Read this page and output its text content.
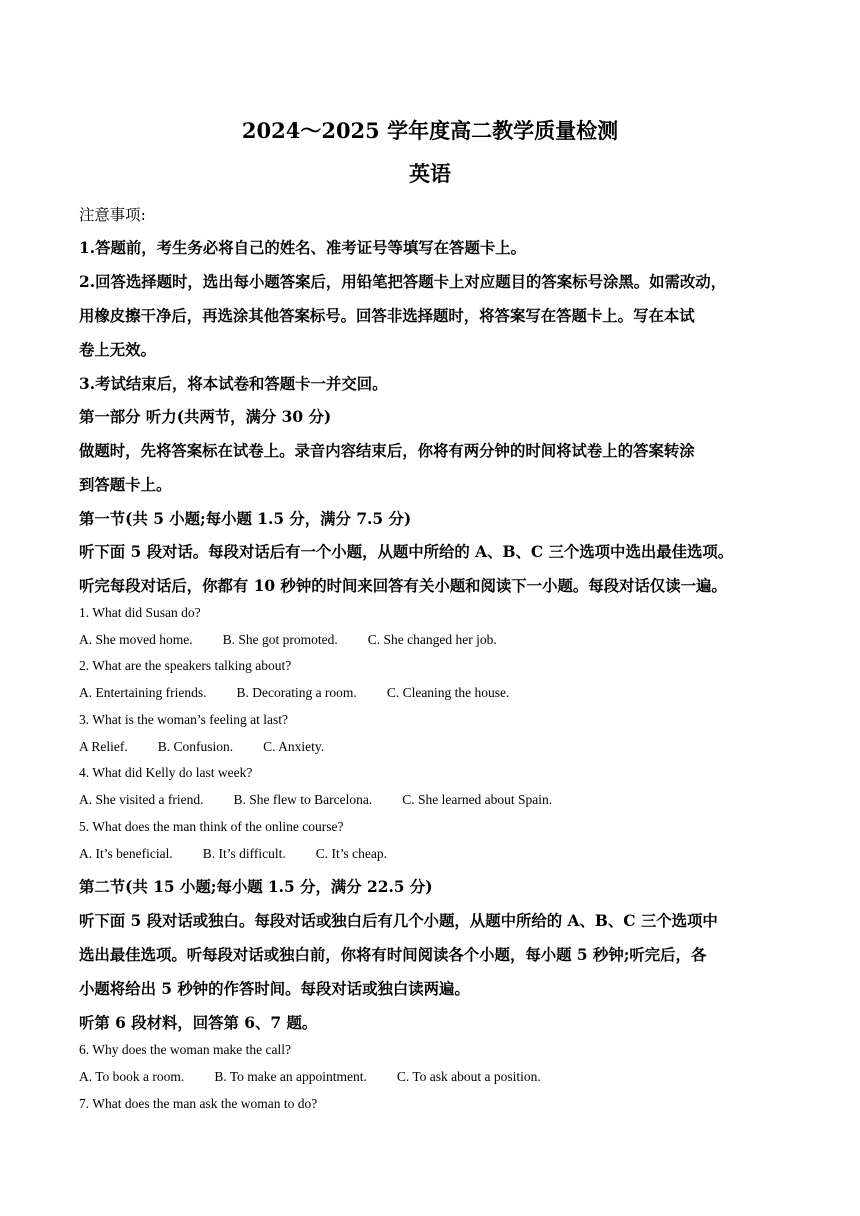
2024～2025 学年度高二教学质量检测
英语
注意事项:
1.答题前，考生务必将自己的姓名、准考证号等填写在答题卡上。
2.回答选择题时，选出每小题答案后，用铅笔把答题卡上对应题目的答案标号涂黑。如需改动，
用橡皮擦干净后，再选涂其他答案标号。回答非选择题时，将答案写在答题卡上。写在本试
卷上无效。
3.考试结束后，将本试卷和答题卡一并交回。
第一部分 听力(共两节，满分 30 分)
做题时，先将答案标在试卷上。录音内容结束后，你将有两分钟的时间将试卷上的答案转涂
到答题卡上。
第一节(共 5 小题;每小题 1.5 分，满分 7.5 分)
听下面 5 段对话。每段对话后有一个小题，从题中所给的 A、B、C 三个选项中选出最佳选项。
听完每段对话后，你都有 10 秒钟的时间来回答有关小题和阅读下一小题。每段对话仅读一遍。
1. What did Susan do?
A. She moved home. B. She got promoted. C. She changed her job.
2. What are the speakers talking about?
A. Entertaining friends. B. Decorating a room. C. Cleaning the house.
3. What is the woman’s feeling at last?
A Relief. B. Confusion. C. Anxiety.
4. What did Kelly do last week?
A. She visited a friend. B. She flew to Barcelona. C. She learned about Spain.
5. What does the man think of the online course?
A. It’s beneficial. B. It’s difficult. C. It’s cheap.
第二节(共 15 小题;每小题 1.5 分，满分 22.5 分)
听下面 5 段对话或独白。每段对话或独白后有几个小题，从题中所给的 A、B、C 三个选项中
选出最佳选项。听每段对话或独白前，你将有时间阅读各个小题，每小题 5 秒钟;听完后，各
小题将给出 5 秒钟的作答时间。每段对话或独白读两遍。
听第 6 段材料，回答第 6、7 题。
6. Why does the woman make the call?
A. To book a room. B. To make an appointment. C. To ask about a position.
7. What does the man ask the woman to do?
